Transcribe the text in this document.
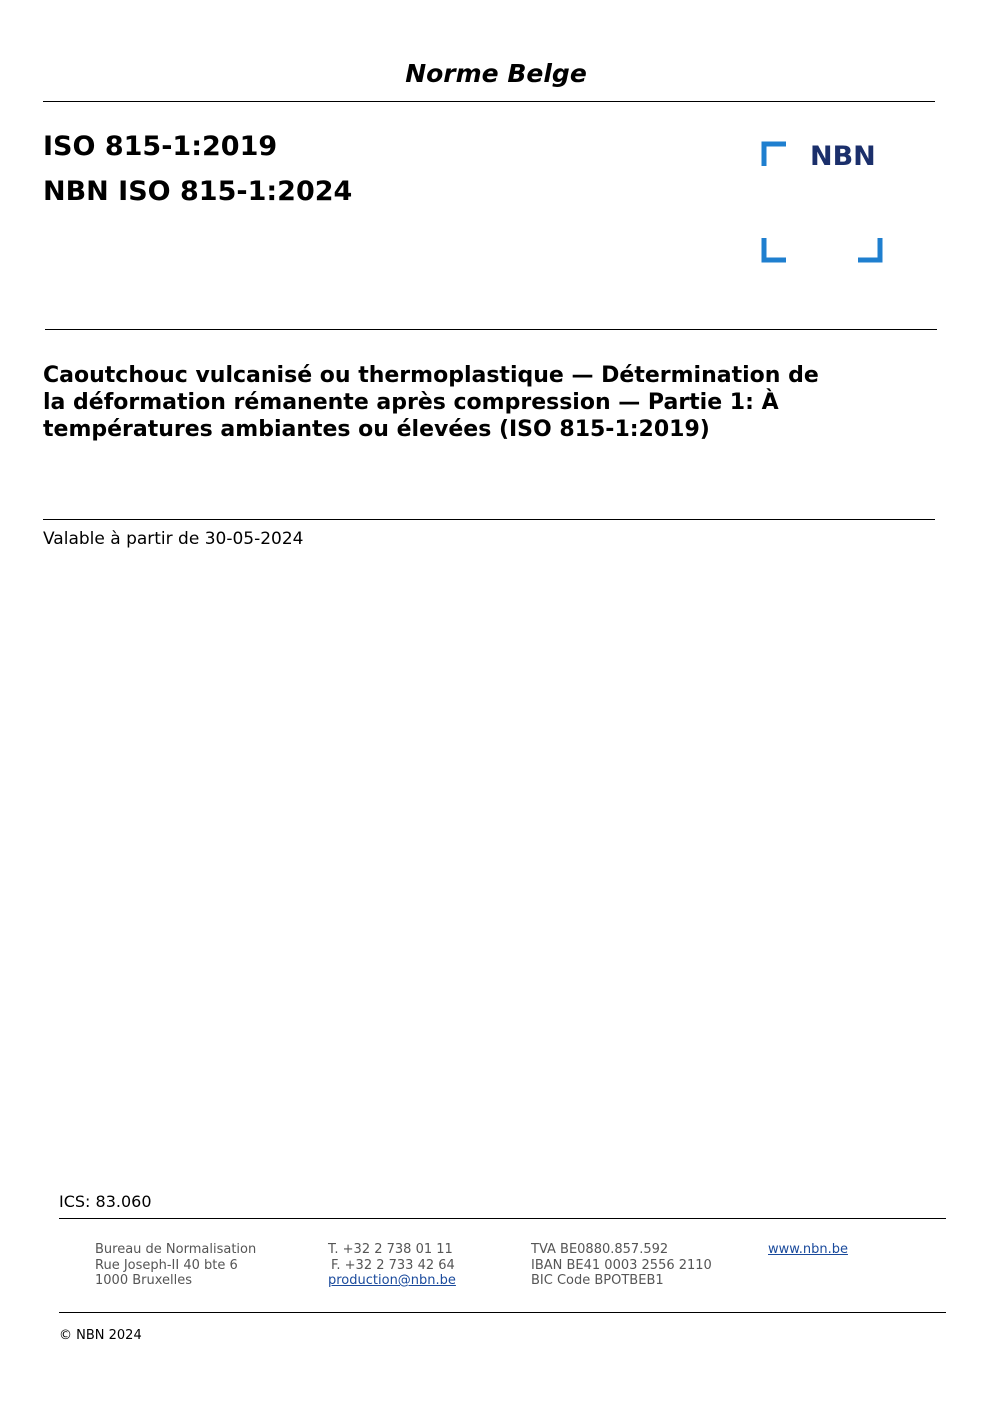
Norme Belge
ISO 815-1:2019
NBN ISO 815-1:2024
NBN
Caoutchouc vulcanisé ou thermoplastique — Détermination de
la déformation rémanente après compression — Partie 1: À
températures ambiantes ou élevées (ISO 815-1:2019)
Valable à partir de 30-05-2024
ICS: 83.060
Bureau de Normalisation
Rue Joseph-II 40 bte 6
1000 Bruxelles
T. +32 2 738 01 11
F. +32 2 733 42 64
production@nbn.be
TVA BE0880.857.592
IBAN BE41 0003 2556 2110
BIC Code BPOTBEB1
www.nbn.be
© NBN 2024
